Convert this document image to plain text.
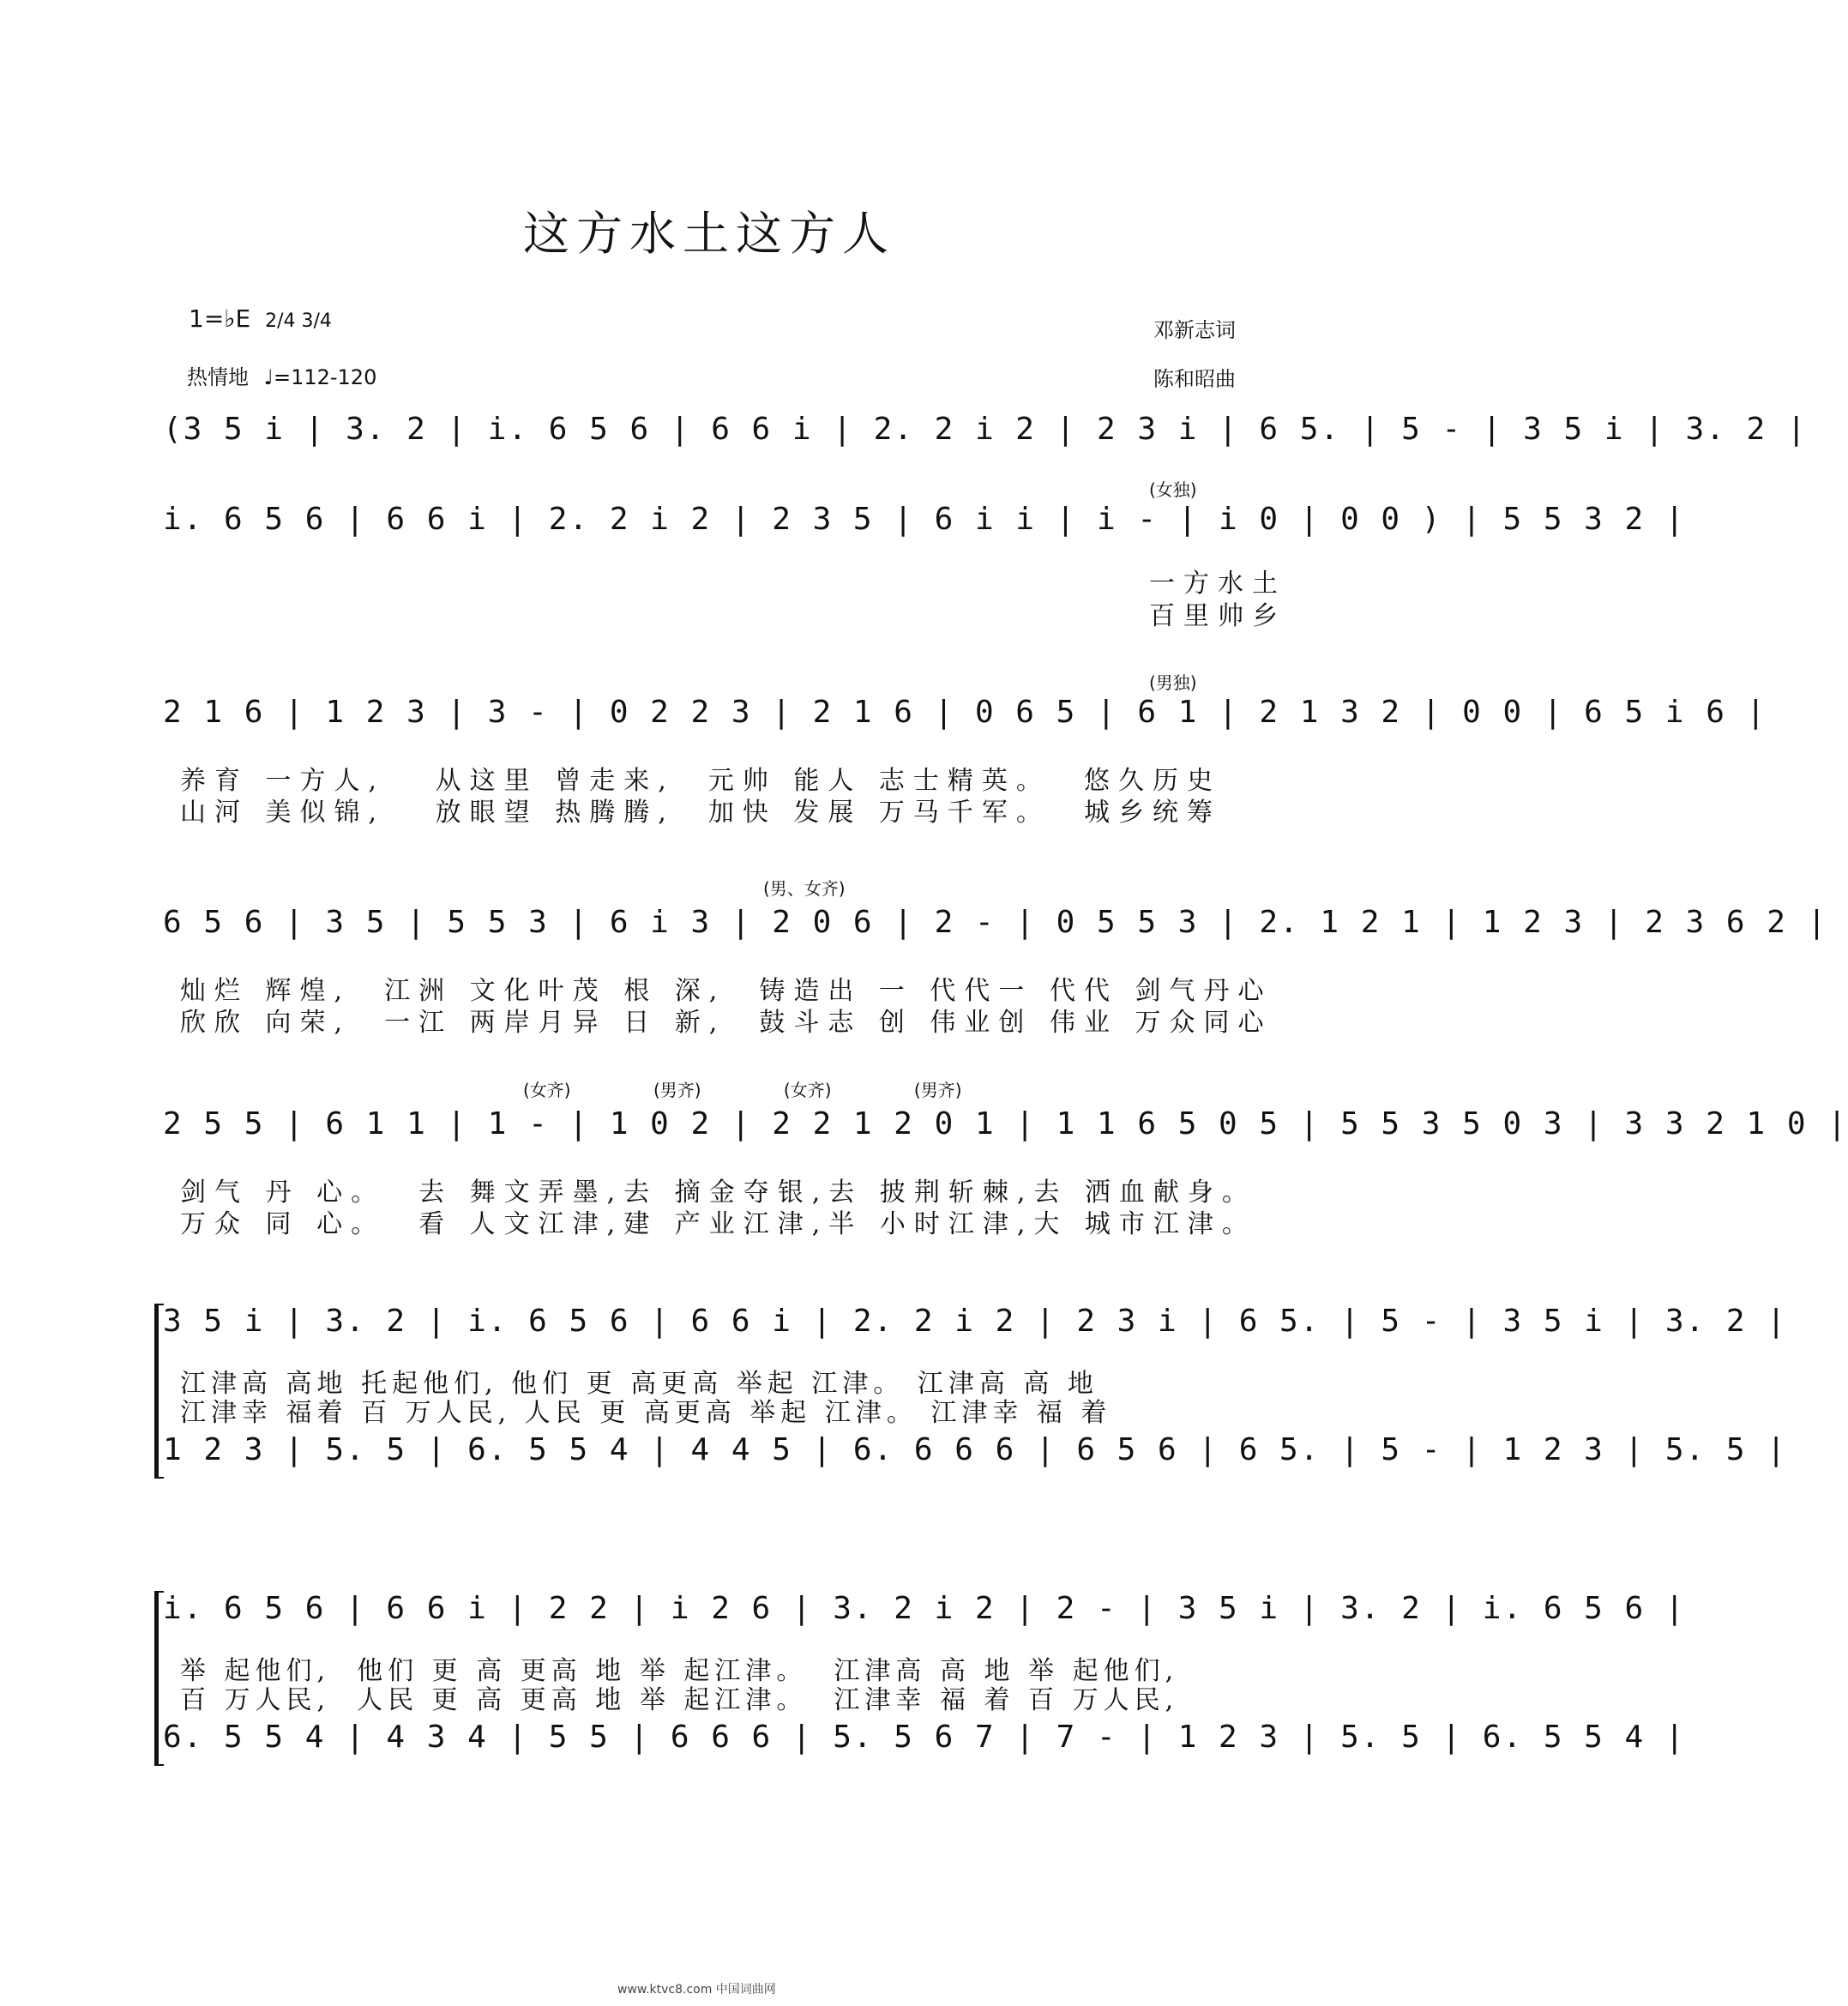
这方水土这方人
1=♭E 2/4 3/4
热情地 ♩=112-120
邓新志词
陈和昭曲
(3 5 i | 3. 2 | i. 6 5 6 | 6 6 i | 2. 2 i 2 | 2 3 i | 6 5. | 5 - | 3 5 i | 3. 2 |
(女独)
i. 6 5 6 | 6 6 i | 2. 2 i 2 | 2 3 5 | 6 i i | i - | i 0 | 0 0 ) | 5 5 3 2 |
一方水土
百里帅乡
(男独)
2 1 6 | 1 2 3 | 3 - | 0 2 2 3 | 2 1 6 | 0 6 5 | 6 1 | 2 1 3 2 | 0 0 | 6 5 i 6 |
养育 一方人,   从这里 曾走来,  元帅 能人 志士精英。  悠久历史
山河 美似锦,   放眼望 热腾腾,  加快 发展 万马千军。  城乡统筹
(男、女齐)
6 5 6 | 3 5 | 5 5 3 | 6 i 3 | 2 0 6 | 2 - | 0 5 5 3 | 2. 1 2 1 | 1 2 3 | 2 3 6 2 |
灿烂 辉煌,  江洲 文化叶茂 根 深,  铸造出 一 代代一 代代 剑气丹心
欣欣 向荣,  一江 两岸月异 日 新,  鼓斗志 创 伟业创 伟业 万众同心
(女齐) (男齐) (女齐) (男齐)
2 5 5 | 6 1 1 | 1 - | 1 0 2 | 2 2 1 2 0 1 | 1 1 6 5 0 5 | 5 5 3 5 0 3 | 3 3 2 1 0 |
剑气 丹 心。  去 舞文弄墨,去 摘金夺银,去 披荆斩棘,去 洒血献身。
万众 同 心。  看 人文江津,建 产业江津,半 小时江津,大 城市江津。
3 5 i | 3. 2 | i. 6 5 6 | 6 6 i | 2. 2 i 2 | 2 3 i | 6 5. | 5 - | 3 5 i | 3. 2 |
江津高 高地 托起他们, 他们 更 高更高 举起 江津。 江津高 高 地
江津幸 福着 百 万人民, 人民 更 高更高 举起 江津。 江津幸 福 着
1 2 3 | 5. 5 | 6. 5 5 4 | 4 4 5 | 6. 6 6 6 | 6 5 6 | 6 5. | 5 - | 1 2 3 | 5. 5 |
i. 6 5 6 | 6 6 i | 2 2 | i 2 6 | 3. 2 i 2 | 2 - | 3 5 i | 3. 2 | i. 6 5 6 |
举 起他们,  他们 更 高 更高 地 举 起江津。  江津高 高 地 举 起他们,
百 万人民,  人民 更 高 更高 地 举 起江津。  江津幸 福 着 百 万人民,
6. 5 5 4 | 4 3 4 | 5 5 | 6 6 6 | 5. 5 6 7 | 7 - | 1 2 3 | 5. 5 | 6. 5 5 4 |
www.ktvc8.com 中国词曲网
